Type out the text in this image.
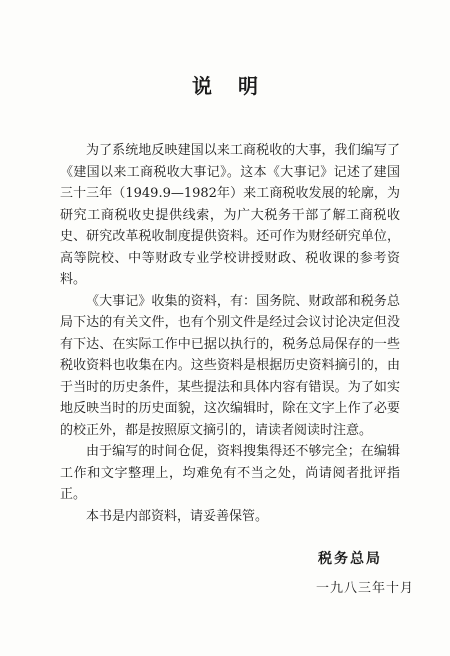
说明

为了系统地反映建国以来工商税收的大事，我们编写了《建国以来工商税收大事记》。这本《大事记》记述了建国三十三年（1949.9—1982年）来工商税收发展的轮廓，为研究工商税收史提供线索，为广大税务干部了解工商税收史、研究改革税收制度提供资料。还可作为财经研究单位，高等院校、中等财政专业学校讲授财政、税收课的参考资料。

《大事记》收集的资料，有：国务院、财政部和税务总局下达的有关文件，也有个别文件是经过会议讨论决定但没有下达、在实际工作中已据以执行的，税务总局保存的一些税收资料也收集在内。这些资料是根据历史资料摘引的，由于当时的历史条件，某些提法和具体内容有错误。为了如实地反映当时的历史面貌，这次编辑时，除在文字上作了必要的校正外，都是按照原文摘引的，请读者阅读时注意。

由于编写的时间仓促，资料搜集得还不够完全；在编辑工作和文字整理上，均难免有不当之处，尚请阅者批评指正。

本书是内部资料，请妥善保管。

税务总局
一九八三年十月
